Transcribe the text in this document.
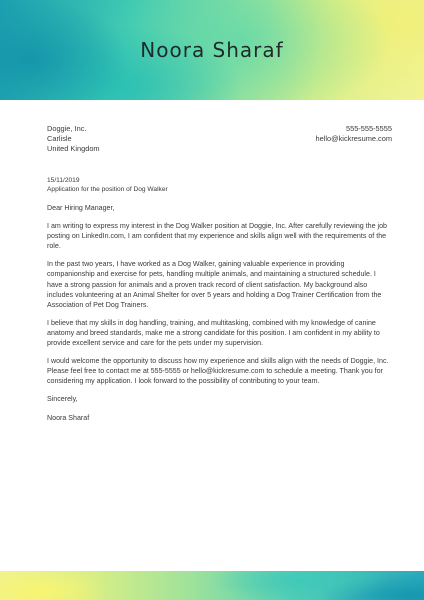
Noora Sharaf
Doggie, Inc.
Carlisle
United Kingdom
555-555-5555
hello@kickresume.com
15/11/2019
Application for the position of Dog Walker

Dear Hiring Manager,

I am writing to express my interest in the Dog Walker position at Doggie, Inc. After carefully reviewing the job posting on LinkedIn.com, I am confident that my experience and skills align well with the requirements of the role.

In the past two years, I have worked as a Dog Walker, gaining valuable experience in providing companionship and exercise for pets, handling multiple animals, and maintaining a structured schedule. I have a strong passion for animals and a proven track record of client satisfaction. My background also includes volunteering at an Animal Shelter for over 5 years and holding a Dog Trainer Certification from the Association of Pet Dog Trainers.

I believe that my skills in dog handling, training, and multitasking, combined with my knowledge of canine anatomy and breed standards, make me a strong candidate for this position. I am confident in my ability to provide excellent service and care for the pets under my supervision.

I would welcome the opportunity to discuss how my experience and skills align with the needs of Doggie, Inc. Please feel free to contact me at 555-5555 or hello@kickresume.com to schedule a meeting. Thank you for considering my application. I look forward to the possibility of contributing to your team.

Sincerely,

Noora Sharaf
